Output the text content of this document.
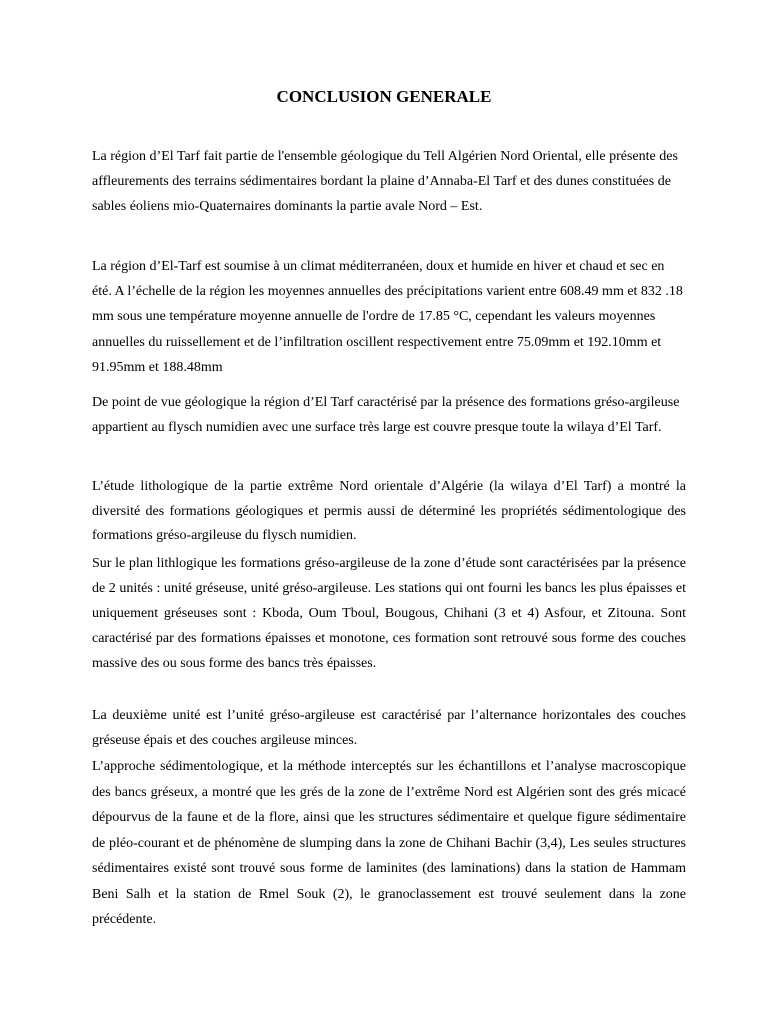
CONCLUSION GENERALE

La région d’El Tarf fait partie de l'ensemble géologique du Tell Algérien Nord Oriental, elle présente des affleurements des terrains sédimentaires bordant la plaine d’Annaba-El Tarf et des dunes constituées de sables éoliens mio-Quaternaires dominants la partie avale Nord – Est.

La région d’El-Tarf est soumise à un climat méditerranéen, doux et humide en hiver et chaud et sec en été. A l’échelle de la région les moyennes annuelles des précipitations varient entre 608.49 mm et 832 .18 mm sous une température moyenne annuelle de l'ordre de 17.85 °C, cependant les valeurs moyennes annuelles du ruissellement et de l’infiltration oscillent respectivement entre 75.09mm et 192.10mm et 91.95mm et 188.48mm

De point de vue géologique la région d’El Tarf caractérisé par la présence des formations gréso-argileuse appartient au flysch numidien avec une surface très large est couvre presque toute la wilaya d’El Tarf.

L’étude lithologique de la partie extrême Nord orientale d’Algérie (la wilaya d’El Tarf) a montré la diversité des formations géologiques et permis aussi de déterminé les propriétés sédimentologique des formations gréso-argileuse du flysch numidien.

Sur le plan lithlogique les formations gréso-argileuse de la zone d’étude sont caractérisées par la présence de 2 unités : unité gréseuse, unité gréso-argileuse. Les stations qui ont fourni les bancs les plus épaisses et uniquement gréseuses sont : Kboda, Oum Tboul, Bougous, Chihani (3 et 4) Asfour, et Zitouna. Sont caractérisé par des formations épaisses et monotone, ces formation sont retrouvé sous forme des couches massive des ou sous forme des bancs très épaisses.

La deuxième unité est l’unité gréso-argileuse est caractérisé par l’alternance horizontales des couches gréseuse épais et des couches argileuse minces.

L’approche sédimentologique, et la méthode interceptés sur les échantillons et l’analyse macroscopique des bancs gréseux, a montré que les grés de la zone de l’extrême Nord est Algérien sont des grés micacé dépourvus de la faune et de la flore, ainsi que les structures sédimentaire et quelque figure sédimentaire de pléo-courant et de phénomène de slumping dans la zone de Chihani Bachir (3,4), Les seules structures sédimentaires existé sont trouvé sous forme de laminites (des laminations) dans la station de Hammam Beni Salh et la station de Rmel Souk (2), le granoclassement est trouvé seulement dans la zone précédente.
